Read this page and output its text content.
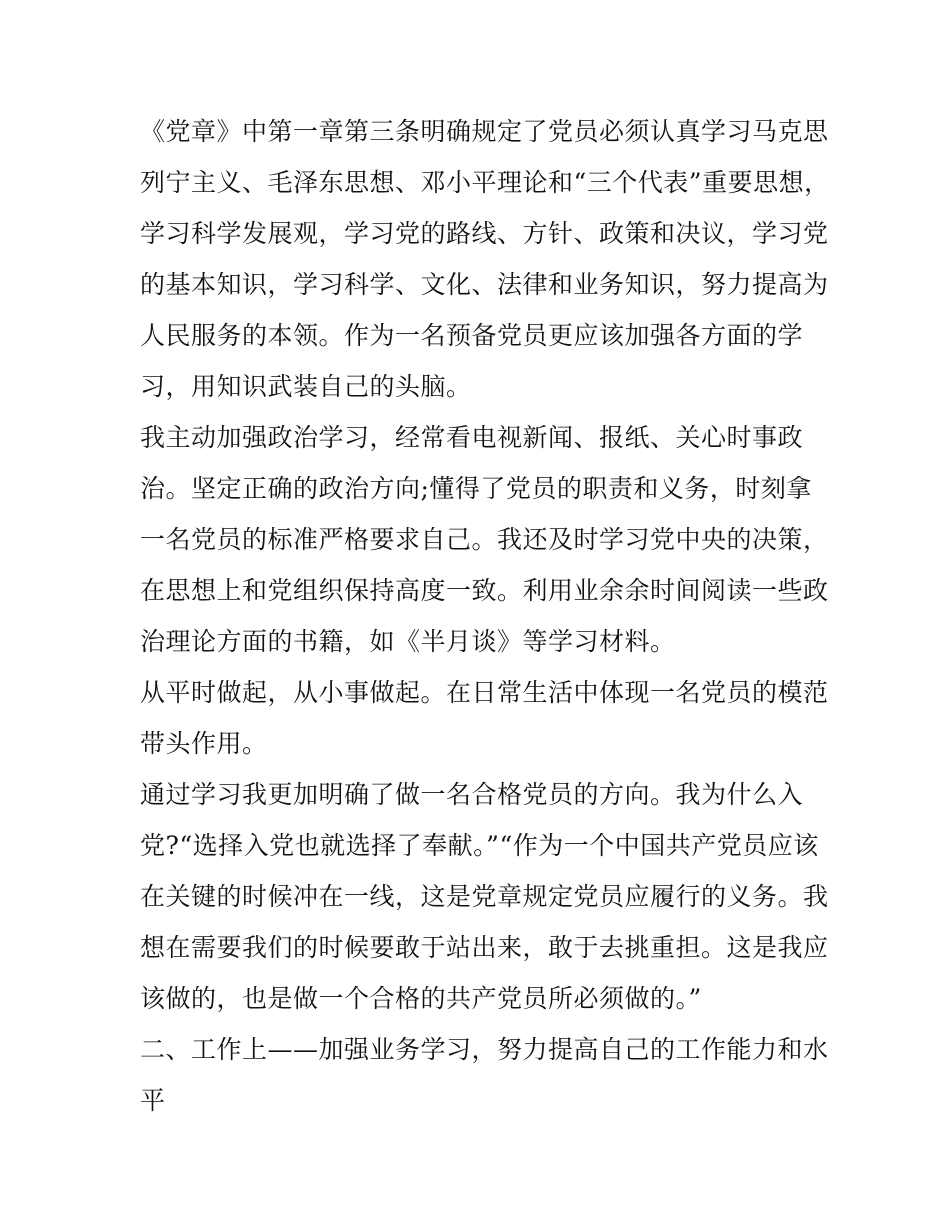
《党章》中第一章第三条明确规定了党员必须认真学习马克思
列宁主义、毛泽东思想、邓小平理论和“三个代表”重要思想，
学习科学发展观，学习党的路线、方针、政策和决议，学习党
的基本知识，学习科学、文化、法律和业务知识，努力提高为
人民服务的本领。作为一名预备党员更应该加强各方面的学
习，用知识武装自己的头脑。
我主动加强政治学习，经常看电视新闻、报纸、关心时事政
治。坚定正确的政治方向;懂得了党员的职责和义务，时刻拿
一名党员的标准严格要求自己。我还及时学习党中央的决策，
在思想上和党组织保持高度一致。利用业余余时间阅读一些政
治理论方面的书籍，如《半月谈》等学习材料。
从平时做起，从小事做起。在日常生活中体现一名党员的模范
带头作用。
通过学习我更加明确了做一名合格党员的方向。我为什么入
党?“选择入党也就选择了奉献。”“作为一个中国共产党员应该
在关键的时候冲在一线，这是党章规定党员应履行的义务。我
想在需要我们的时候要敢于站出来，敢于去挑重担。这是我应
该做的，也是做一个合格的共产党员所必须做的。”
二、工作上——加强业务学习，努力提高自己的工作能力和水
平
